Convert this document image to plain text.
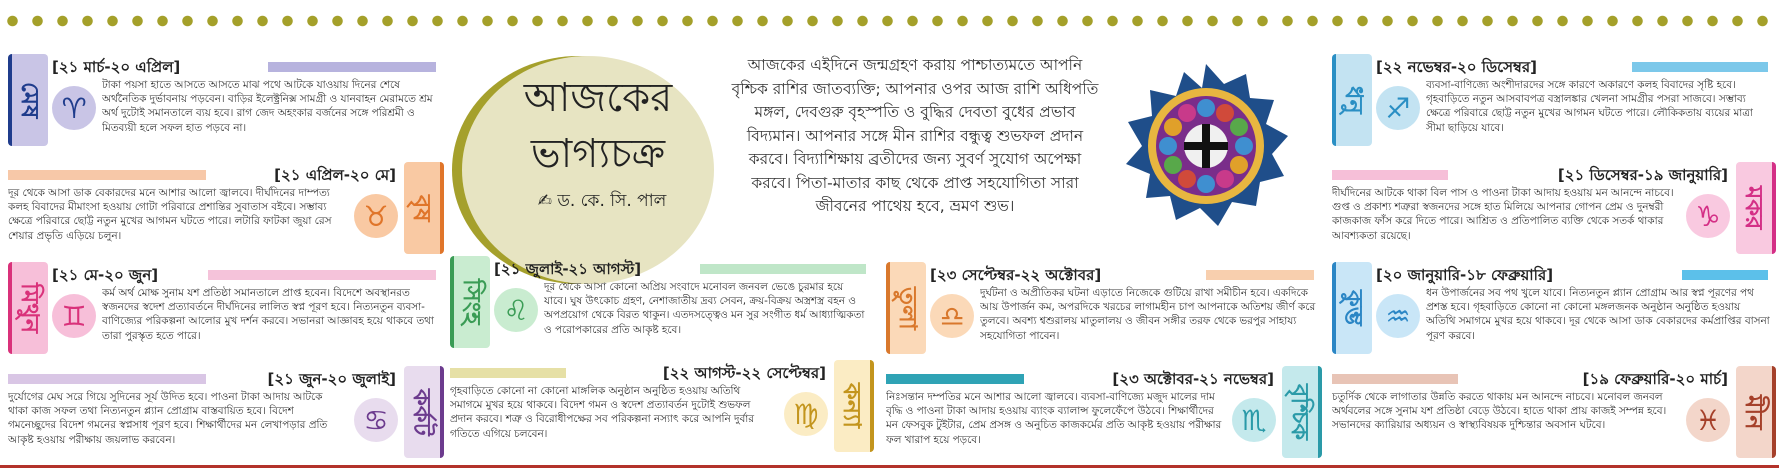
আজকের
ভাগ্যচক্র
✍ ড. কে. সি. পাল
আজকের এইদিনে জন্মগ্রহণ করায় পাশ্চাত্যমতে আপনি বৃশ্চিক রাশির জাতব্যক্তি; আপনার ওপর আজ রাশি অধিপতি মঙ্গল, দেবগুরু বৃহস্পতি ও বুদ্ধির দেবতা বুধের প্রভাব বিদ্যমান। আপনার সঙ্গে মীন রাশির বন্ধুত্ব শুভফল প্রদান করবে। বিদ্যাশিক্ষায় ব্রতীদের জন্য সুবর্ণ সুযোগ অপেক্ষা করবে। পিতা-মাতার কাছ থেকে প্রাপ্ত সহযোগিতা সারা জীবনের পাথেয় হবে, ভ্রমণ শুভ।
মেষ
[২১ মার্চ-২০ এপ্রিল]
♈
টাকা পয়সা হাতে আসতে আসতে মাঝ পথে আটকে যাওয়ায় দিনের শেষে অর্থনৈতিক দুর্ভাবনায় পড়বেন। বাড়ির ইলেক্ট্রনিক্স সামগ্রী ও যানবাহন মেরামতে শ্রম অর্থ দুটোই সমানতালে ব্যয় হবে। রাগ জেদ অহংকার বর্জনের সঙ্গে পরিশ্রমী ও মিতব্যয়ী হলে সফল হাত পড়বে না।
বৃষ
[২১ এপ্রিল-২০ মে]
♉
দূর থেকে আসা ডাক বেকারদের মনে আশার আলো জ্বালবে। দীর্ঘদিনের দাম্পত্য কলহ বিবাদের মীমাংসা হওয়ায় গোটা পরিবারে প্রশান্তির সুবাতাস বইবে। সম্ভাব্য ক্ষেত্রে পরিবারে ছোট্ট নতুন মুখের আগমন ঘটতে পারে। লটারি ফাটকা জুয়া রেস শেয়ার প্রভৃতি এড়িয়ে চলুন।
মিথুন
[২১ মে-২০ জুন]
♊
কর্ম অর্থ মোক্ষ সুনাম যশ প্রতিষ্ঠা সমানতালে প্রাপ্ত হবেন। বিদেশে অবস্থানরত স্বজনদের স্বদেশ প্রত্যাবর্তনে দীর্ঘদিনের লালিত স্বপ্ন পূরণ হবে। নিত্যনতুন ব্যবসা-বাণিজ্যের পরিকল্পনা আলোর মুখ দর্শন করবে। সভানরা আজ্ঞাবহ হয়ে থাকবে তথা তারা পুরস্কৃত হতে পারে।
কর্কট
[২১ জুন-২০ জুলাই]
♋
দুর্যোগের মেঘ সরে গিয়ে সুদিনের সূর্য উদিত হবে। পাওনা টাকা আদায় আটকে থাকা কাজ সফল তথা নিত্যনতুন প্ল্যান প্রোগ্রাম বাস্তবায়িত হবে। বিদেশ গমনেচ্ছুদের বিদেশ গমনের স্বপ্নসাধ পূরণ হবে। শিক্ষার্থীদের মন লেখাপড়ার প্রতি আকৃষ্ট হওয়ায় পরীক্ষায় জয়লাভ করবেন।
সিংহ
[২১ জুলাই-২১ আগস্ট]
♌
দূর থেকে আসা কোনো অপ্রিয় সংবাদে মনোবল জনবল ভেঙে চুরমার হয়ে যাবে। ঘুষ উৎকোচ গ্রহণ, নেশাজাতীয় দ্রব্য সেবন, ক্রয়-বিক্রয় অস্ত্রশস্ত্র বহন ও অপপ্রয়োগ থেকে বিরত থাকুন। এতদসত্ত্বেও মন সুর সংগীত ধর্ম আধ্যাত্মিকতা ও পরোপকারের প্রতি আকৃষ্ট হবে।
কন্যা
[২২ আগস্ট-২২ সেপ্টেম্বর]
♍
গৃহবাড়িতে কোনো না কোনো মাঙ্গলিক অনুষ্ঠান অনুষ্ঠিত হওয়ায় অতিথি সমাগমে মুখর হয়ে থাকবে। বিদেশ গমন ও স্বদেশ প্রত্যাবর্তন দুটোই শুভফল প্রদান করবে। শত্রু ও বিরোধীপক্ষের সব পরিকল্পনা নস্যাৎ করে আপনি দুর্বার গতিতে এগিয়ে চলবেন।
তুলা
[২৩ সেপ্টেম্বর-২২ অক্টোবর]
♎
দুর্ঘটনা ও অপ্রীতিকর ঘটনা এড়াতে নিজেকে গুটিয়ে রাখা সমীচীন হবে। একদিকে আয় উপার্জন কম, অপরদিকে খরচের লাগামহীন চাপ আপনাকে অতিশয় জীর্ণ করে তুলবে। অবশ্য শ্বশুরালয় মাতুলালয় ও জীবন সঙ্গীর তরফ থেকে ভরপুর সাহায্য সহযোগিতা পাবেন।
বৃশ্চিক
[২৩ অক্টোবর-২১ নভেম্বর]
♏
নিঃসন্তান দম্পতির মনে আশার আলো জ্বালবে। ব্যবসা-বাণিজ্যে মজুদ মালের দাম বৃদ্ধি ও পাওনা টাকা আদায় হওয়ায় ব্যাংক ব্যালান্স ফুলেফেঁপে উঠবে। শিক্ষার্থীদের মন ফেসবুক টুইটার, প্রেম প্রসঙ্গ ও অনুচিত কাজকর্মের প্রতি আকৃষ্ট হওয়ায় পরীক্ষার ফল খারাপ হয়ে পড়বে।
ধনু
[২২ নভেম্বর-২০ ডিসেম্বর]
♐
ব্যবসা-বাণিজ্যে অংশীদারদের সঙ্গে কারণে অকারণে কলহ বিবাদের সৃষ্টি হবে। গৃহবাড়িতে নতুন আসবাবপত্র বস্ত্রালঙ্কার খেলনা সামগ্রীর পসরা সাজবে। সম্ভাব্য ক্ষেত্রে পরিবারে ছোট্ট নতুন মুখের আগমন ঘটতে পারে। লৌকিকতায় ব্যয়ের মাত্রা সীমা ছাড়িয়ে যাবে।
মকর
[২১ ডিসেম্বর-১৯ জানুয়ারি]
♑
দীর্ঘদিনের আটকে থাকা বিল পাস ও পাওনা টাকা আদায় হওয়ায় মন আনন্দে নাচবে। গুপ্ত ও প্রকাশ্য শত্রুরা স্বজনদের সঙ্গে হাত মিলিয়ে আপনার গোপন প্রেম ও দুনম্বরী কাজকাজ ফাঁস করে দিতে পারে। আশ্রিত ও প্রতিপালিত ব্যক্তি থেকে সতর্ক থাকার আবশ্যকতা রয়েছে।
কুম্ভ
[২০ জানুয়ারি-১৮ ফেব্রুয়ারি]
♒
ধন উপার্জনের সব পথ খুলে যাবে। নিত্যনতুন প্ল্যান প্রোগ্রাম আর স্বপ্ন পূরণের পথ প্রশস্ত হবে। গৃহবাড়িতে কোনো না কোনো মঙ্গলজনক অনুষ্ঠান অনুষ্ঠিত হওয়ায় অতিথি সমাগমে মুখর হয়ে থাকবে। দূর থেকে আসা ডাক বেকারদের কর্মপ্রাপ্তির বাসনা পূরণ করবে।
মীন
[১৯ ফেব্রুয়ারি-২০ মার্চ]
♓
চতুর্দিক থেকে লাগাতার উন্নতি করতে থাকায় মন আনন্দে নাচবে। মনোবল জনবল অর্থবলের সঙ্গে সুনাম যশ প্রতিষ্ঠা বেড়ে উঠবে। হাতে থাকা প্রায় কাজই সম্পন্ন হবে। সভানদের ক্যারিয়ার অধ্যয়ন ও স্বাস্থ্যবিষয়ক দুশ্চিন্তার অবসান ঘটবে।
